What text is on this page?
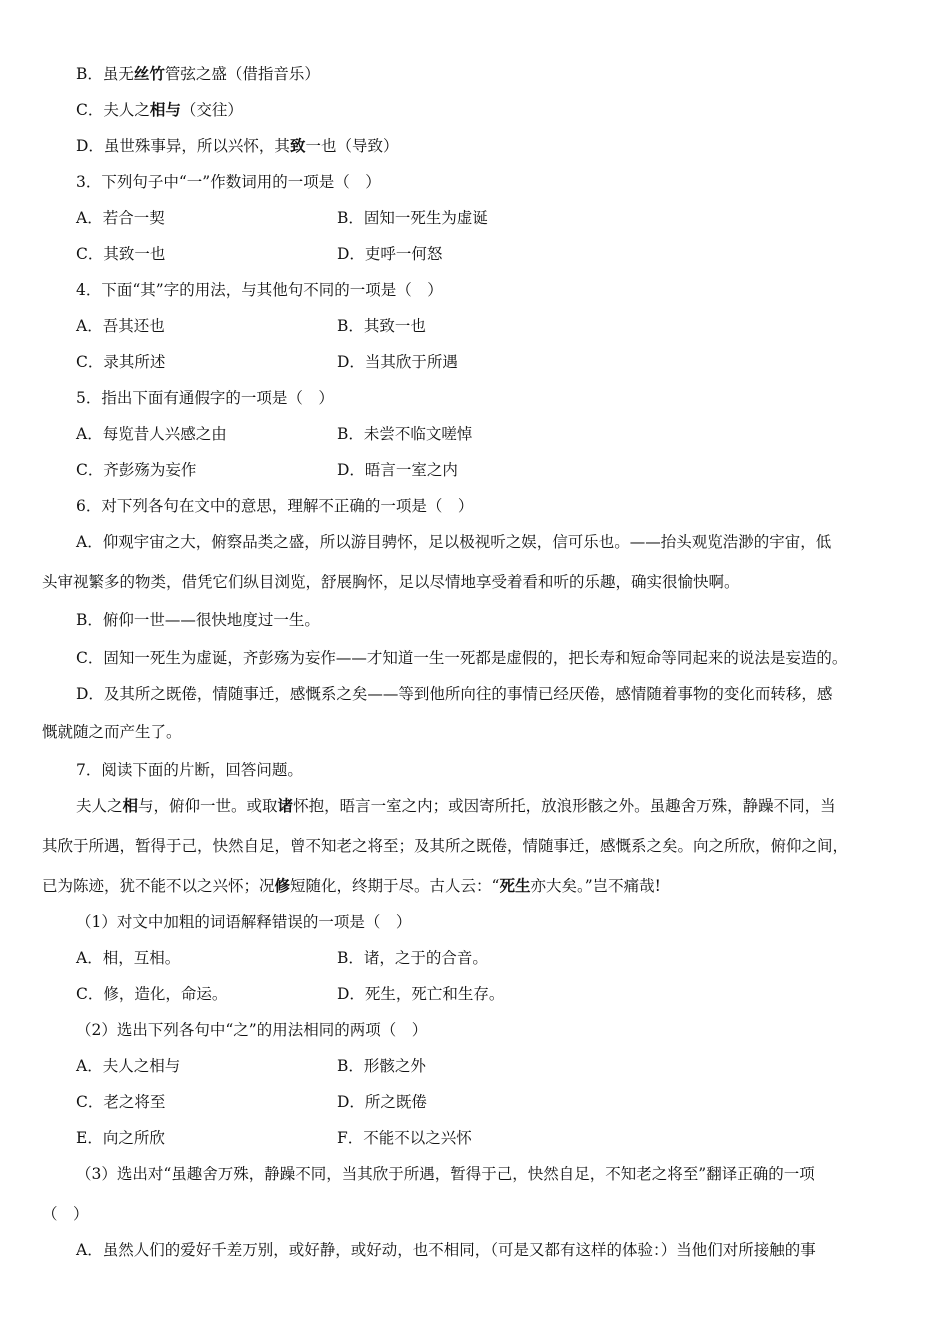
B．虽无丝竹管弦之盛（借指音乐）
C．夫人之相与（交往）
D．虽世殊事异，所以兴怀，其致一也（导致）
3．下列句子中“一”作数词用的一项是（　）
A．若合一契	B．固知一死生为虚诞
C．其致一也	D．吏呼一何怒
4．下面“其”字的用法，与其他句不同的一项是（　）
A．吾其还也	B．其致一也
C．录其所述	D．当其欣于所遇
5．指出下面有通假字的一项是（　）
A．每览昔人兴感之由	B．未尝不临文嗟悼
C．齐彭殇为妄作	D．晤言一室之内
6．对下列各句在文中的意思，理解不正确的一项是（　）
A．仰观宇宙之大，俯察品类之盛，所以游目骋怀，足以极视听之娱，信可乐也。——抬头观览浩渺的宇宙，低
头审视繁多的物类，借凭它们纵目浏览，舒展胸怀，足以尽情地享受着看和听的乐趣，确实很愉快啊。
B．俯仰一世——很快地度过一生。
C．固知一死生为虚诞，齐彭殇为妄作——才知道一生一死都是虚假的，把长寿和短命等同起来的说法是妄造的。
D．及其所之既倦，情随事迁，感慨系之矣——等到他所向往的事情已经厌倦，感情随着事物的变化而转移，感
慨就随之而产生了。
7．阅读下面的片断，回答问题。
夫人之相与，俯仰一世。或取诸怀抱，晤言一室之内；或因寄所托，放浪形骸之外。虽趣舍万殊，静躁不同，当
其欣于所遇，暂得于己，快然自足，曾不知老之将至；及其所之既倦，情随事迁，感慨系之矣。向之所欣，俯仰之间，
已为陈迹，犹不能不以之兴怀；况修短随化，终期于尽。古人云：“死生亦大矣。”岂不痛哉!
（1）对文中加粗的词语解释错误的一项是（　）
A．相，互相。	B．诸，之于的合音。
C．修，造化，命运。	D．死生，死亡和生存。
（2）选出下列各句中“之”的用法相同的两项（　）
A．夫人之相与	B．形骸之外
C．老之将至	D．所之既倦
E．向之所欣	F．不能不以之兴怀
（3）选出对“虽趣舍万殊，静躁不同，当其欣于所遇，暂得于己，快然自足，不知老之将至”翻译正确的一项
（　）
A．虽然人们的爱好千差万别，或好静，或好动，也不相同，（可是又都有这样的体验：）当他们对所接触的事
